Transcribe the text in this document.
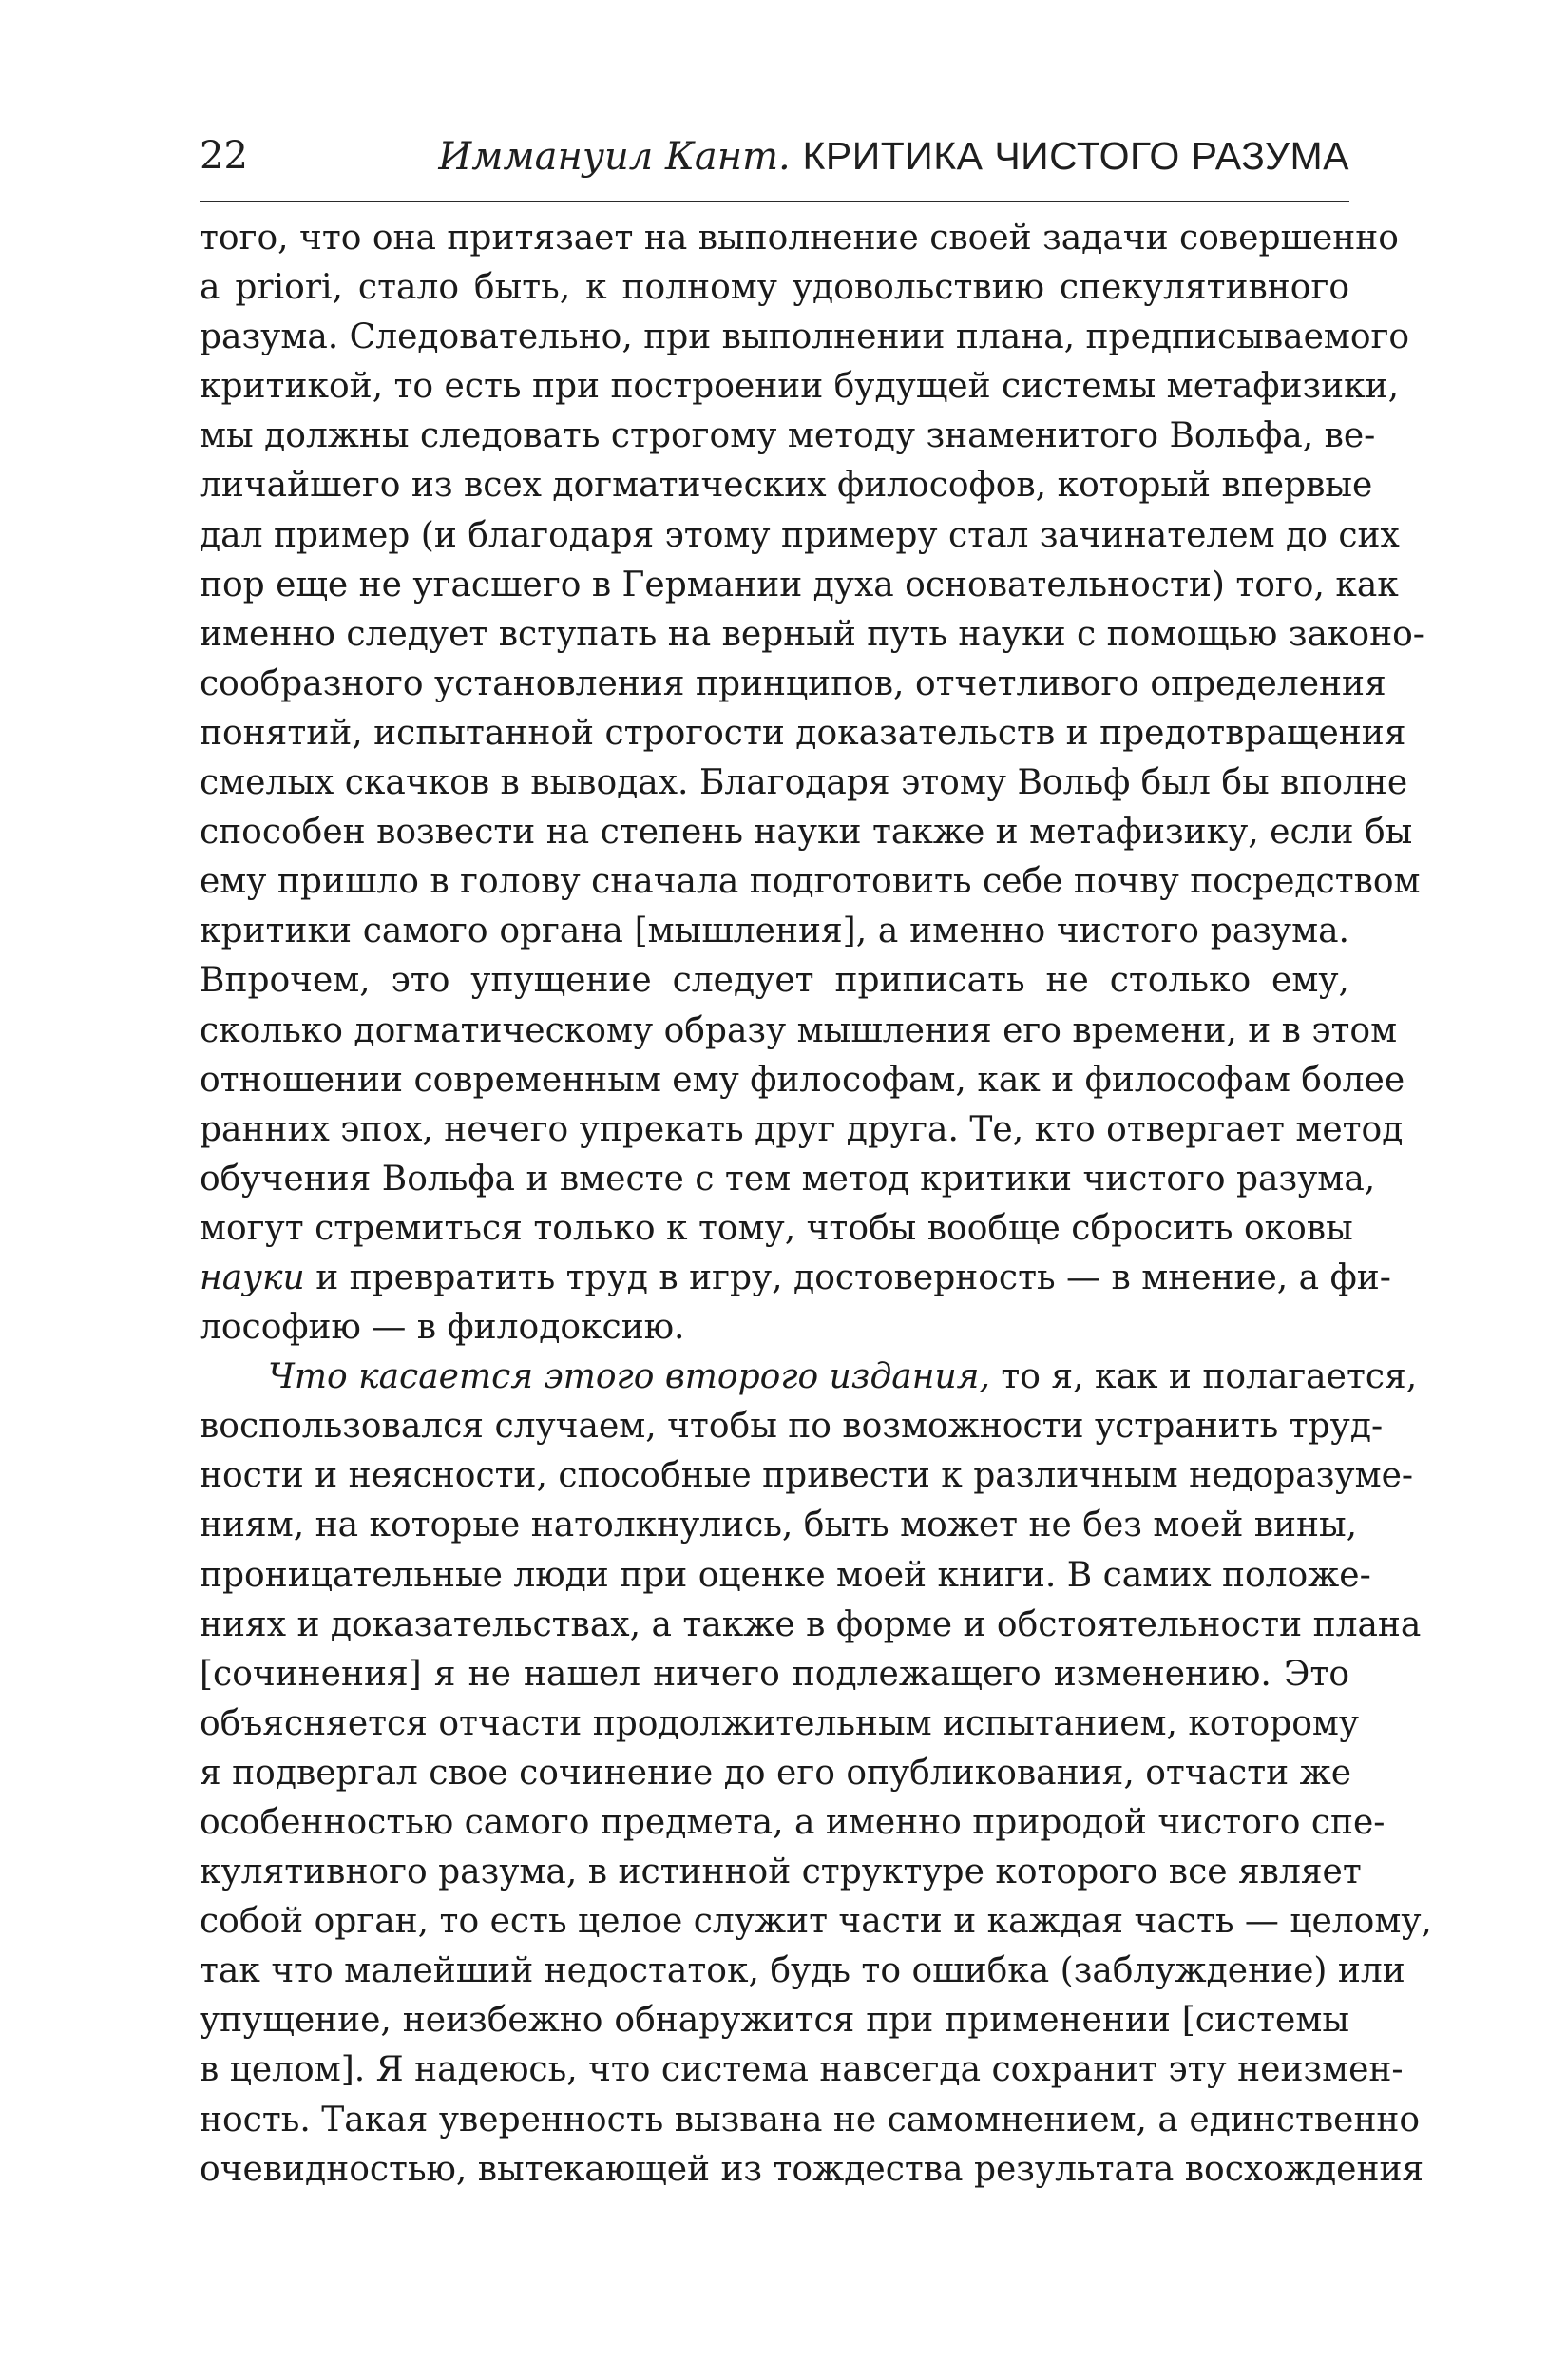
22	Иммануил Кант. КРИТИКА ЧИСТОГО РАЗУМА
того, что она притязает на выполнение своей задачи совершенно
a priori, стало быть, к полному удовольствию спекулятивного
разума. Следовательно, при выполнении плана, предписываемого
критикой, то есть при построении будущей системы метафизики,
мы должны следовать строгому методу знаменитого Вольфа, ве-
личайшего из всех догматических философов, который впервые
дал пример (и благодаря этому примеру стал зачинателем до сих
пор еще не угасшего в Германии духа основательности) того, как
именно следует вступать на верный путь науки с помощью законо-
сообразного установления принципов, отчетливого определения
понятий, испытанной строгости доказательств и предотвращения
смелых скачков в выводах. Благодаря этому Вольф был бы вполне
способен возвести на степень науки также и метафизику, если бы
ему пришло в голову сначала подготовить себе почву посредством
критики самого органа [мышления], а именно чистого разума.
Впрочем, это упущение следует приписать не столько ему,
сколько догматическому образу мышления его времени, и в этом
отношении современным ему философам, как и философам более
ранних эпох, нечего упрекать друг друга. Те, кто отвергает метод
обучения Вольфа и вместе с тем метод критики чистого разума,
могут стремиться только к тому, чтобы вообще сбросить оковы
науки и превратить труд в игру, достоверность — в мнение, а фи-
лософию — в филодоксию.
Что касается этого второго издания, то я, как и полагается,
воспользовался случаем, чтобы по возможности устранить труд-
ности и неясности, способные привести к различным недоразуме-
ниям, на которые натолкнулись, быть может не без моей вины,
проницательные люди при оценке моей книги. В самих положе-
ниях и доказательствах, а также в форме и обстоятельности плана
[сочинения] я не нашел ничего подлежащего изменению. Это
объясняется отчасти продолжительным испытанием, которому
я подвергал свое сочинение до его опубликования, отчасти же
особенностью самого предмета, а именно природой чистого спе-
кулятивного разума, в истинной структуре которого все являет
собой орган, то есть целое служит части и каждая часть — целому,
так что малейший недостаток, будь то ошибка (заблуждение) или
упущение, неизбежно обнаружится при применении [системы
в целом]. Я надеюсь, что система навсегда сохранит эту неизмен-
ность. Такая уверенность вызвана не самомнением, а единственно
очевидностью, вытекающей из тождества результата восхождения
